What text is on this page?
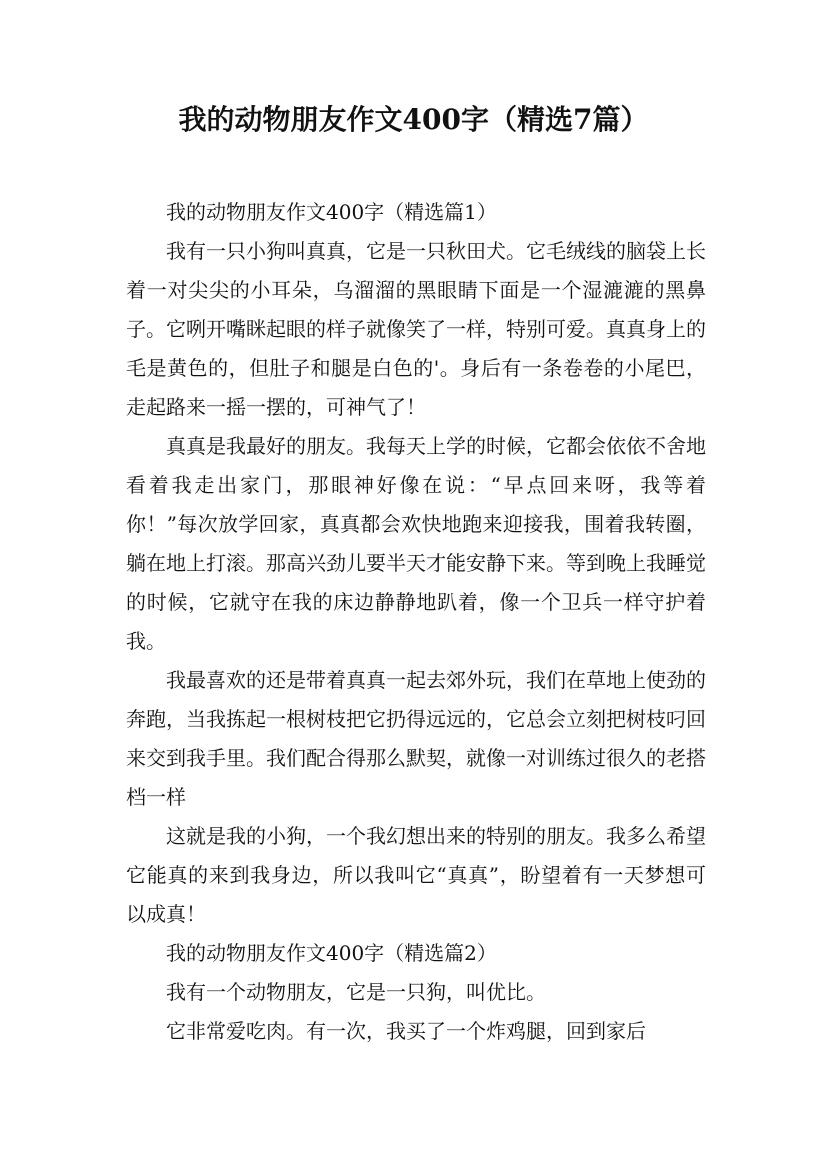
我的动物朋友作文400字（精选7篇）
我的动物朋友作文400字（精选篇1）

我有一只小狗叫真真，它是一只秋田犬。它毛绒线的脑袋上长着一对尖尖的小耳朵，乌溜溜的黑眼睛下面是一个湿漉漉的黑鼻子。它咧开嘴眯起眼的样子就像笑了一样，特别可爱。真真身上的毛是黄色的，但肚子和腿是白色的'。身后有一条卷卷的小尾巴，走起路来一摇一摆的，可神气了！

真真是我最好的朋友。我每天上学的时候，它都会依依不舍地看着我走出家门，那眼神好像在说：“早点回来呀，我等着你！”每次放学回家，真真都会欢快地跑来迎接我，围着我转圈，躺在地上打滚。那高兴劲儿要半天才能安静下来。等到晚上我睡觉的时候，它就守在我的床边静静地趴着，像一个卫兵一样守护着我。

我最喜欢的还是带着真真一起去郊外玩，我们在草地上使劲的奔跑，当我拣起一根树枝把它扔得远远的，它总会立刻把树枝叼回来交到我手里。我们配合得那么默契，就像一对训练过很久的老搭档一样

这就是我的小狗，一个我幻想出来的特别的朋友。我多么希望它能真的来到我身边，所以我叫它“真真”，盼望着有一天梦想可以成真！

我的动物朋友作文400字（精选篇2）

我有一个动物朋友，它是一只狗，叫优比。

它非常爱吃肉。有一次，我买了一个炸鸡腿，回到家后
